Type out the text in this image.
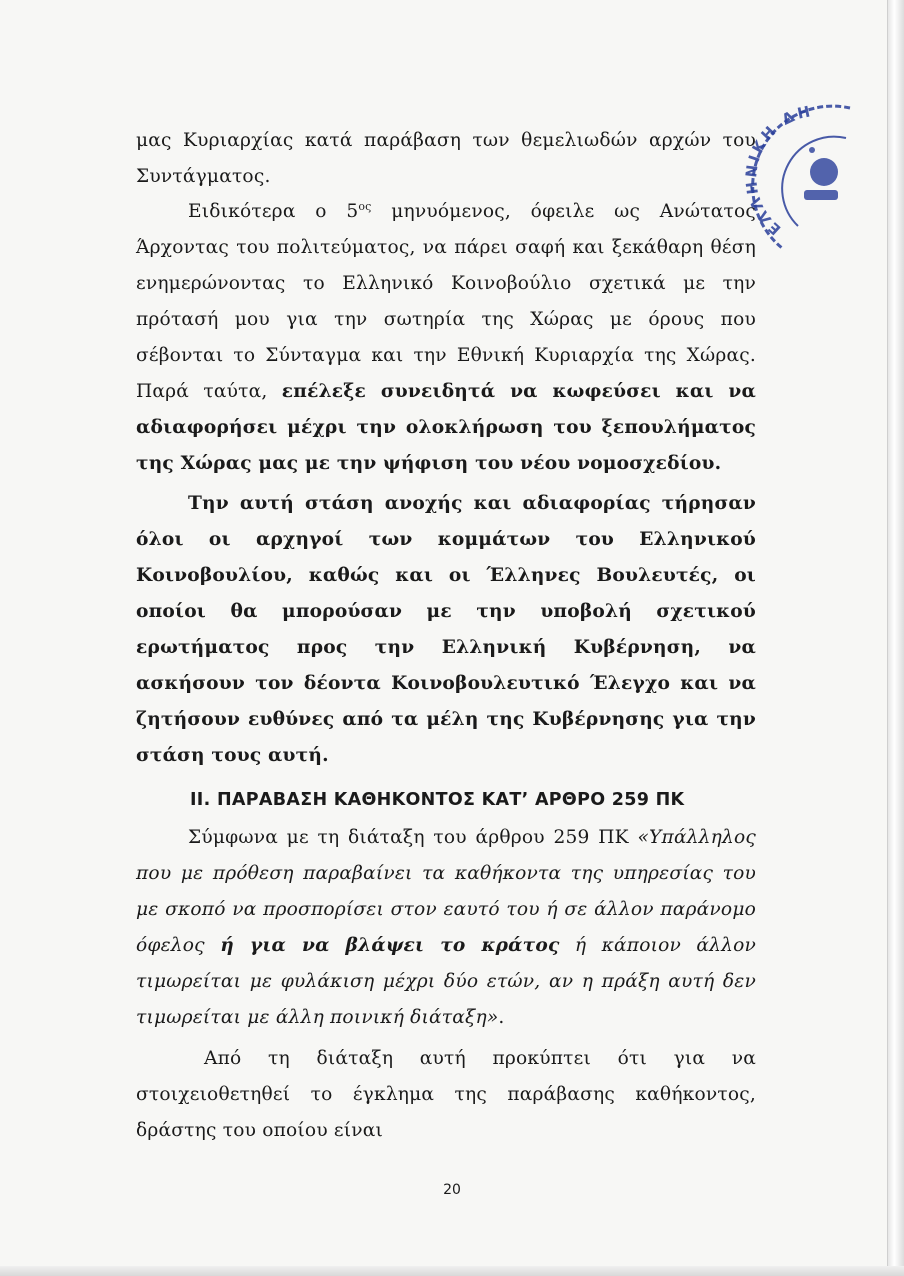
μας Κυριαρχίας κατά παράβαση των θεμελιωδών αρχών του Συντάγματος.

Ειδικότερα ο $5^{o\varsigma}$ μηνυόμενος, όφειλε ως Ανώτατος Άρχοντας του πολιτεύματος, να πάρει σαφή και ξεκάθαρη θέση ενημερώνοντας το Ελληνικό Κοινοβούλιο σχετικά με την πρότασή μου για την σωτηρία της Χώρας με όρους που σέβονται το Σύνταγμα και την Εθνική Κυριαρχία της Χώρας. Παρά ταύτα, επέλεξε συνειδητά να κωφεύσει και να αδιαφορήσει μέχρι την ολοκλήρωση του ξεπουλήματος της Χώρας μας με την ψήφιση του νέου νομοσχεδίου.

Την αυτή στάση ανοχής και αδιαφορίας τήρησαν όλοι οι αρχηγοί των κομμάτων του Ελληνικού Κοινοβουλίου, καθώς και οι Έλληνες Βουλευτές, οι οποίοι θα μπορούσαν με την υποβολή σχετικού ερωτήματος προς την Ελληνική Κυβέρνηση, να ασκήσουν τον δέοντα Κοινοβουλευτικό Έλεγχο και να ζητήσουν ευθύνες από τα μέλη της Κυβέρνησης για την στάση τους αυτή.

II. ΠΑΡΑΒΑΣΗ ΚΑΘΗΚΟΝΤΟΣ ΚΑΤ’ ΑΡΘΡΟ 259 ΠΚ

Σύμφωνα με τη διάταξη του άρθρου 259 ΠΚ «Υπάλληλος που με πρόθεση παραβαίνει τα καθήκοντα της υπηρεσίας του με σκοπό να προσπορίσει στον εαυτό του ή σε άλλον παράνομο όφελος ή για να βλάψει το κράτος ή κάποιον άλλον τιμωρείται με φυλάκιση μέχρι δύο ετών, αν η πράξη αυτή δεν τιμωρείται με άλλη ποινική διάταξη».

Από τη διάταξη αυτή προκύπτει ότι για να στοιχειοθετηθεί το έγκλημα της παράβασης καθήκοντος, δράστης του οποίου είναι

20
ΕΛΛΗΝΙΚΗ ΔΗ
